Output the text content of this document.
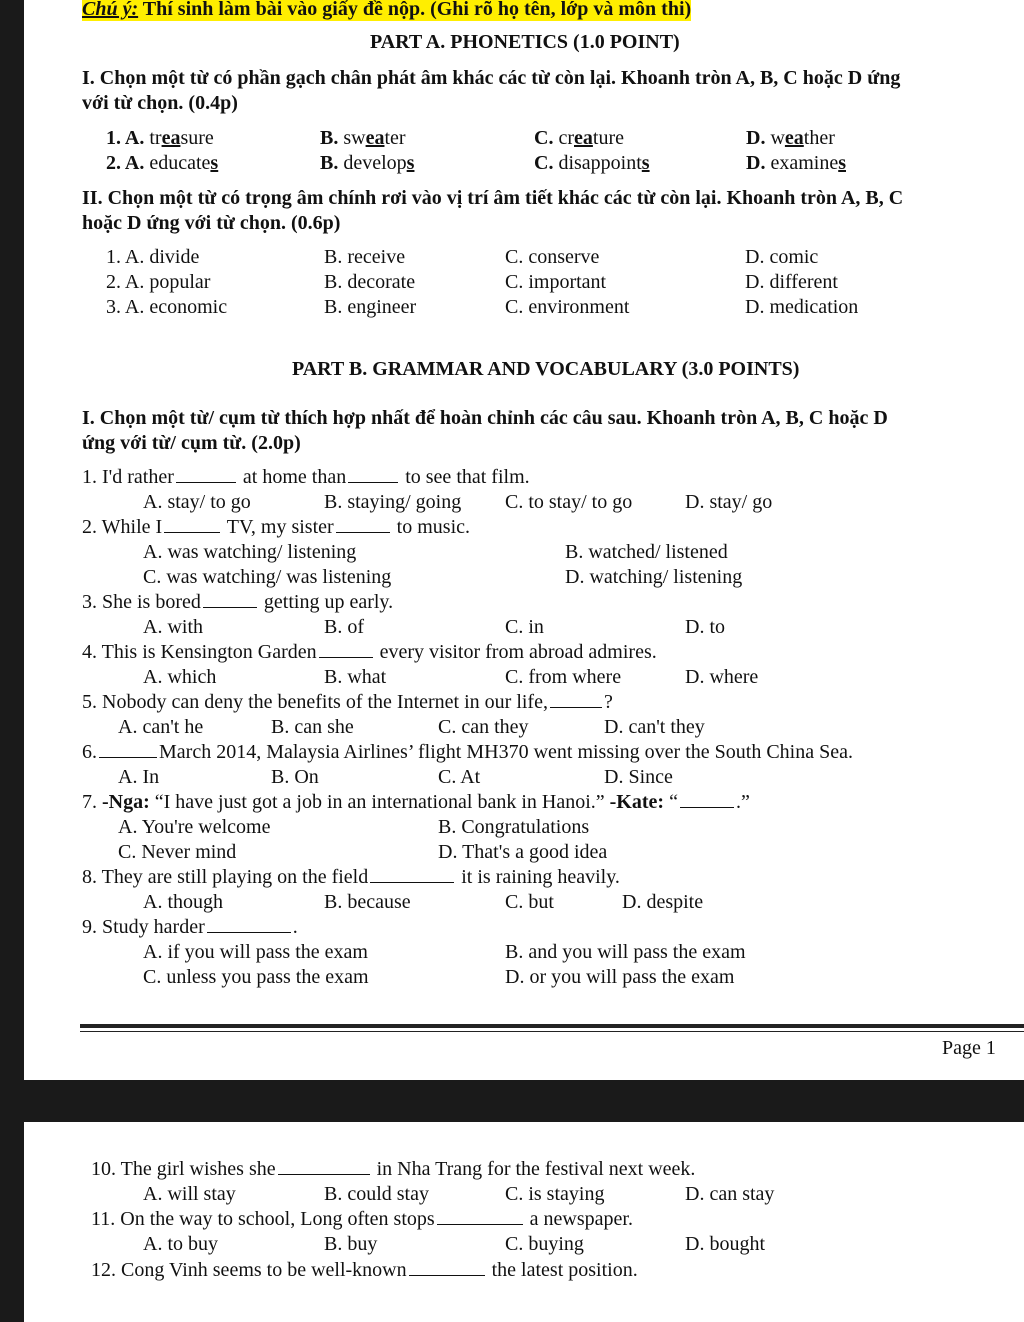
Chú ý: Thí sinh làm bài vào giấy đề nộp. (Ghi rõ họ tên, lớp và môn thi)
PART A. PHONETICS (1.0 POINT)
I. Chọn một từ có phần gạch chân phát âm khác các từ còn lại. Khoanh tròn A, B, C hoặc D ứng
với từ chọn. (0.4p)
1. A. treasure	B. sweater	C. creature	D. weather
2. A. educates	B. develops	C. disappoints	D. examines
II. Chọn một từ có trọng âm chính rơi vào vị trí âm tiết khác các từ còn lại. Khoanh tròn A, B, C
hoặc D ứng với từ chọn. (0.6p)
1. A. divide	B. receive	C. conserve	D. comic
2. A. popular	B. decorate	C. important	D. different
3. A. economic	B. engineer	C. environment	D. medication
PART B. GRAMMAR AND VOCABULARY (3.0 POINTS)
I. Chọn một từ/ cụm từ thích hợp nhất để hoàn chỉnh các câu sau. Khoanh tròn A, B, C hoặc D
ứng với từ/ cụm từ. (2.0p)
1. I'd rather	at home than	to see that film.
A. stay/ to go	B. staying/ going C. to stay/ to go	D. stay/ go
2. While I	TV, my sister	to music.
A. was watching/ listening	B. watched/ listened
C. was watching/ was listening	D. watching/ listening
3. She is bored	getting up early.
A. with	B. of	C. in	D. to
4. This is Kensington Garden	every visitor from abroad admires.
A. which	B. what	C. from where	D. where
5. Nobody can deny the benefits of the Internet in our life,	?
A. can't he	B. can she	C. can they	D. can't they
6.	March 2014, Malaysia Airlines’ flight MH370 went missing over the South China Sea.
A. In	B. On	C. At	D. Since
7. -Nga: “I have just got a job in an international bank in Hanoi.” -Kate: “	.”
A. You're welcome	B. Congratulations
C. Never mind	D. That's a good idea
8. They are still playing on the field	it is raining heavily.
A. though	B. because	C. but	D. despite
9. Study harder	.
A. if you will pass the exam	B. and you will pass the exam
C. unless you pass the exam	D. or you will pass the exam
Page 1
10. The girl wishes she	in Nha Trang for the festival next week.
A. will stay	B. could stay	C. is staying	D. can stay
11. On the way to school, Long often stops	a newspaper.
A. to buy	B. buy	C. buying	D. bought
12. Cong Vinh seems to be well-known	the latest position.
